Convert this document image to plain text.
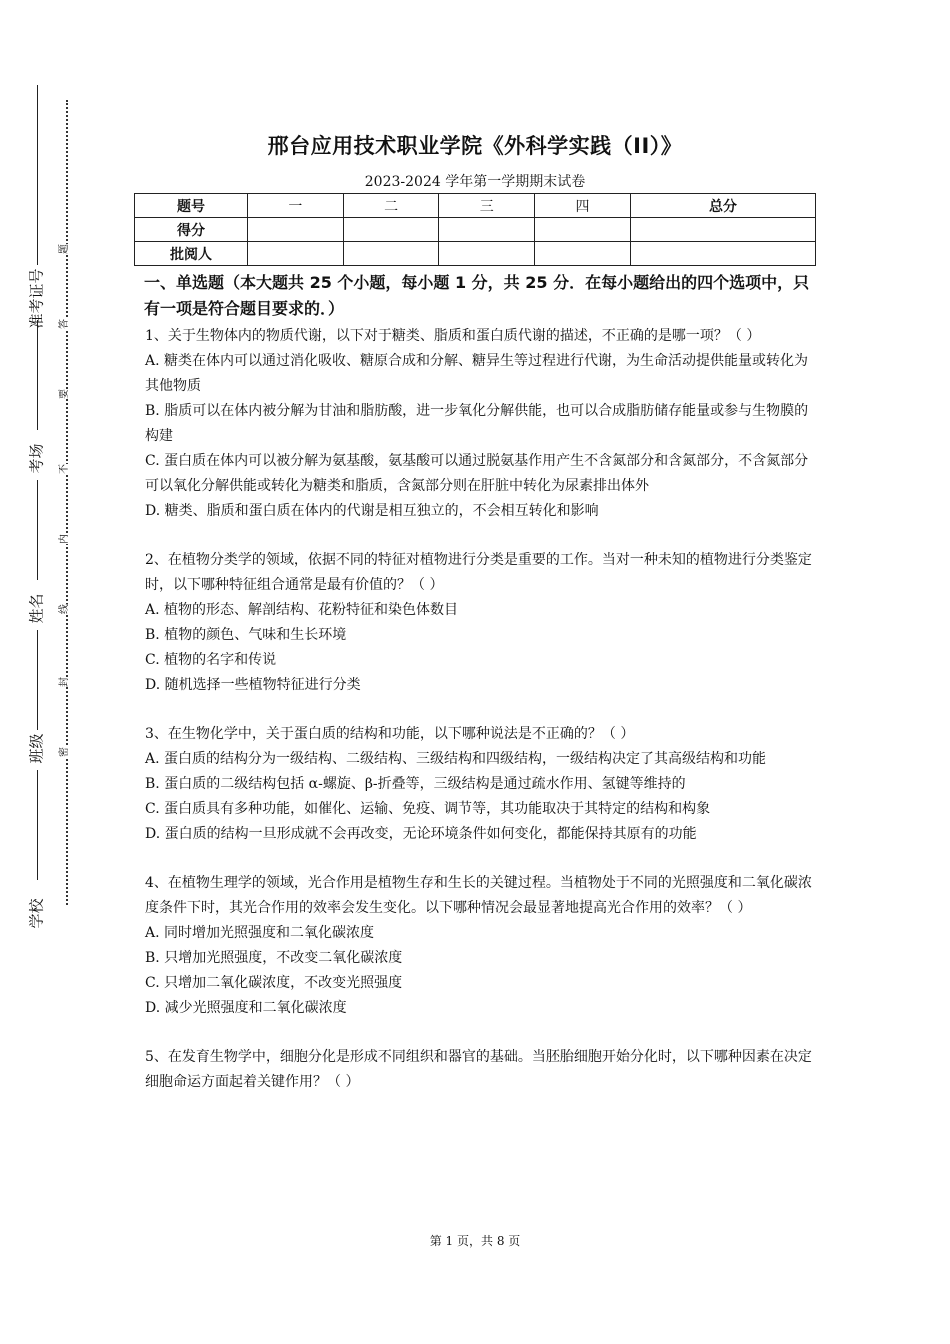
准考证号
考场
姓名
班级
学校
题
答
要
不
内
线
封
密
邢台应用技术职业学院《外科学实践（II）》
2023-2024 学年第一学期期末试卷
题号	一	二	三	四	总分
得分					
批阅人					

一、单选题（本大题共 25 个小题，每小题 1 分，共 25 分．在每小题给出的四个选项中，只有一项是符合题目要求的．）

1、关于生物体内的物质代谢，以下对于糖类、脂质和蛋白质代谢的描述，不正确的是哪一项？（ ）

A. 糖类在体内可以通过消化吸收、糖原合成和分解、糖异生等过程进行代谢，为生命活动提供能量或转化为其他物质

B. 脂质可以在体内被分解为甘油和脂肪酸，进一步氧化分解供能，也可以合成脂肪储存能量或参与生物膜的构建

C. 蛋白质在体内可以被分解为氨基酸，氨基酸可以通过脱氨基作用产生不含氮部分和含氮部分，不含氮部分可以氧化分解供能或转化为糖类和脂质，含氮部分则在肝脏中转化为尿素排出体外

D. 糖类、脂质和蛋白质在体内的代谢是相互独立的，不会相互转化和影响

2、在植物分类学的领域，依据不同的特征对植物进行分类是重要的工作。当对一种未知的植物进行分类鉴定时，以下哪种特征组合通常是最有价值的？（ ）

A. 植物的形态、解剖结构、花粉特征和染色体数目

B. 植物的颜色、气味和生长环境

C. 植物的名字和传说

D. 随机选择一些植物特征进行分类

3、在生物化学中，关于蛋白质的结构和功能，以下哪种说法是不正确的？（ ）

A. 蛋白质的结构分为一级结构、二级结构、三级结构和四级结构，一级结构决定了其高级结构和功能

B. 蛋白质的二级结构包括 α-螺旋、β-折叠等，三级结构是通过疏水作用、氢键等维持的

C. 蛋白质具有多种功能，如催化、运输、免疫、调节等，其功能取决于其特定的结构和构象

D. 蛋白质的结构一旦形成就不会再改变，无论环境条件如何变化，都能保持其原有的功能

4、在植物生理学的领域，光合作用是植物生存和生长的关键过程。当植物处于不同的光照强度和二氧化碳浓度条件下时，其光合作用的效率会发生变化。以下哪种情况会最显著地提高光合作用的效率？（ ）

A. 同时增加光照强度和二氧化碳浓度

B. 只增加光照强度，不改变二氧化碳浓度

C. 只增加二氧化碳浓度，不改变光照强度

D. 减少光照强度和二氧化碳浓度

5、在发育生物学中，细胞分化是形成不同组织和器官的基础。当胚胎细胞开始分化时，以下哪种因素在决定细胞命运方面起着关键作用？（ ）

第 1 页，共 8 页
